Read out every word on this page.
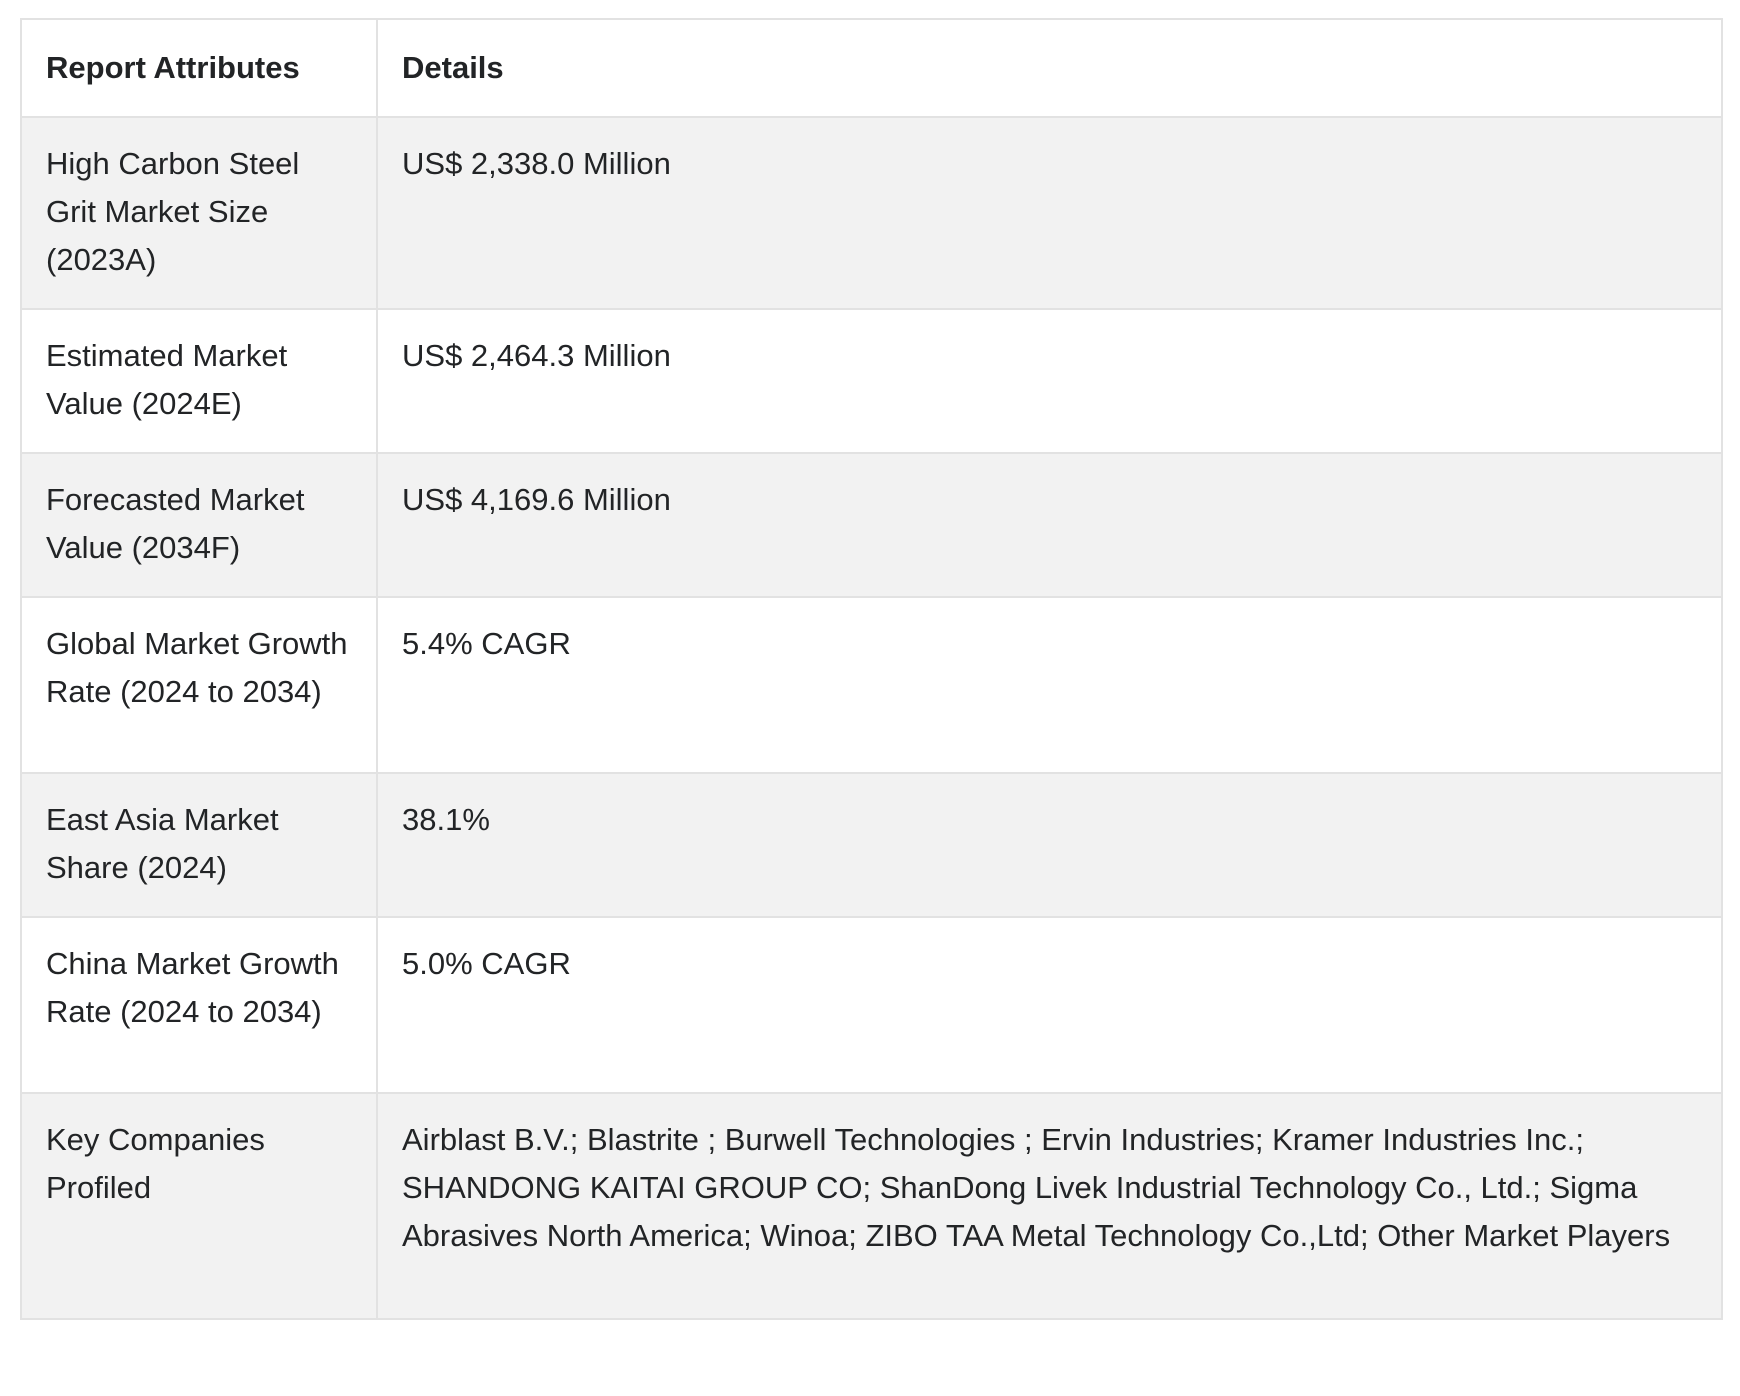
Report Attributes	Details
High Carbon Steel Grit Market Size (2023A)	US$ 2,338.0 Million
Estimated Market Value (2024E)	US$ 2,464.3 Million
Forecasted Market Value (2034F)	US$ 4,169.6 Million
Global Market Growth Rate (2024 to 2034)	5.4% CAGR
East Asia Market Share (2024)	38.1%
China Market Growth Rate (2024 to 2034)	5.0% CAGR
Key Companies Profiled	Airblast B.V.; Blastrite ; Burwell Technologies ; Ervin Industries; Kramer Industries Inc.; SHANDONG KAITAI GROUP CO; ShanDong Livek Industrial Technology Co., Ltd.; Sigma Abrasives North America; Winoa; ZIBO TAA Metal Technology Co.,Ltd; Other Market Players
